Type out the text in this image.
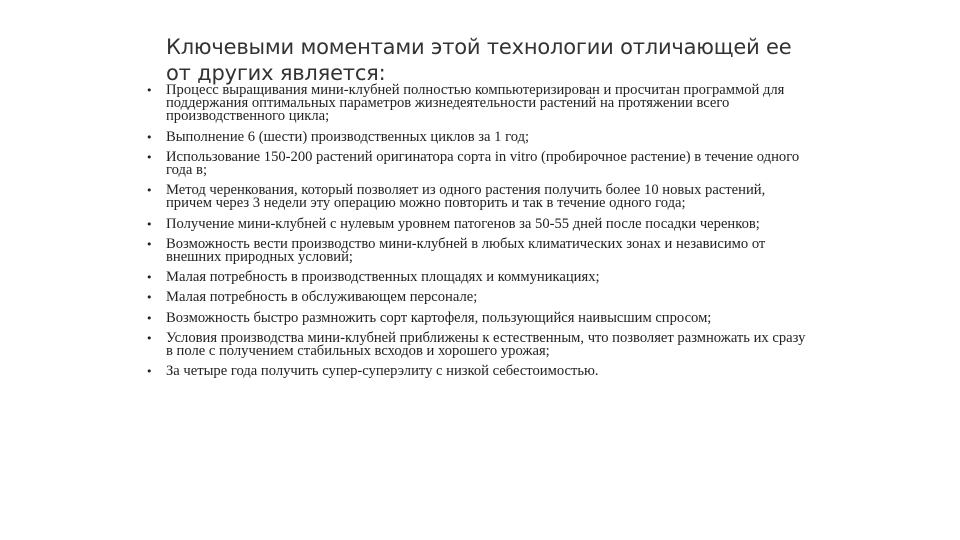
Ключевыми моментами этой технологии отличающей ее от других является:
• Процесс выращивания мини-клубней полностью компьютеризирован и просчитан программой для поддержания оптимальных параметров жизнедеятельности растений на протяжении всего производственного цикла;
• Выполнение 6 (шести) производственных циклов за 1 год;
• Использование 150-200 растений оригинатора сорта in vitro (пробирочное растение) в течение одного года в;
• Метод черенкования, который позволяет из одного растения получить более 10 новых растений, причем через 3 недели эту операцию можно повторить и так в течение одного года;
• Получение мини-клубней с нулевым уровнем патогенов за 50-55 дней после посадки черенков;
• Возможность вести производство мини-клубней в любых климатических зонах и независимо от внешних природных условий;
• Малая потребность в производственных площадях и коммуникациях;
• Малая потребность в обслуживающем персонале;
• Возможность быстро размножить сорт картофеля, пользующийся наивысшим спросом;
• Условия производства мини-клубней приближены к естественным, что позволяет размножать их сразу в поле с получением стабильных всходов и хорошего урожая;
• За четыре года получить супер-суперэлиту с низкой себестоимостью.
